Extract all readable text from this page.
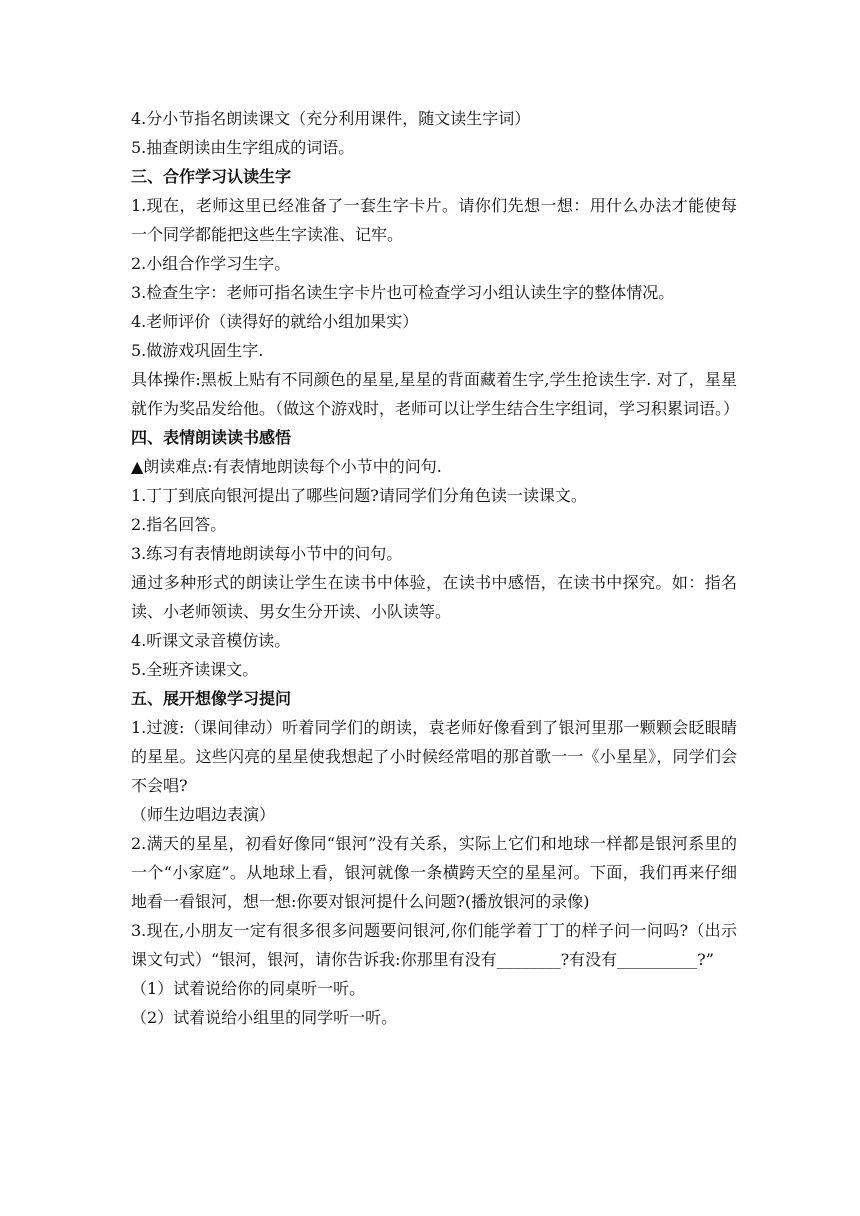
4.分小节指名朗读课文（充分利用课件，随文读生字词）

5.抽查朗读由生字组成的词语。

三、合作学习认读生字

1.现在，老师这里已经准备了一套生字卡片。请你们先想一想：用什么办法才能使每一个同学都能把这些生字读准、记牢。

2.小组合作学习生字。

3.检查生字：老师可指名读生字卡片也可检查学习小组认读生字的整体情况。

4.老师评价（读得好的就给小组加果实）

5.做游戏巩固生字.

具体操作:黑板上贴有不同颜色的星星,星星的背面藏着生字,学生抢读生字. 对了，星星就作为奖品发给他。（做这个游戏时，老师可以让学生结合生字组词，学习积累词语。）

四、表情朗读读书感悟

▲朗读难点:有表情地朗读每个小节中的问句.

1.丁丁到底向银河提出了哪些问题?请同学们分角色读一读课文。

2.指名回答。

3.练习有表情地朗读每小节中的问句。

通过多种形式的朗读让学生在读书中体验，在读书中感悟，在读书中探究。如：指名读、小老师领读、男女生分开读、小队读等。

4.听课文录音模仿读。

5.全班齐读课文。

五、展开想像学习提问

1.过渡:（课间律动）听着同学们的朗读，袁老师好像看到了银河里那一颗颗会眨眼睛的星星。这些闪亮的星星使我想起了小时候经常唱的那首歌一一《小星星》，同学们会不会唱?

（师生边唱边表演）

2.满天的星星，初看好像同“银河”没有关系，实际上它们和地球一样都是银河系里的一个“小家庭”。从地球上看，银河就像一条横跨天空的星星河。下面，我们再来仔细地看一看银河，想一想:你要对银河提什么问题?(播放银河的录像)

3.现在,小朋友一定有很多很多问题要问银河,你们能学着丁丁的样子问一问吗?（出示课文句式）“银河，银河，请你告诉我:你那里有没有________?有没有__________?”

（1）试着说给你的同桌听一听。

（2）试着说给小组里的同学听一听。
